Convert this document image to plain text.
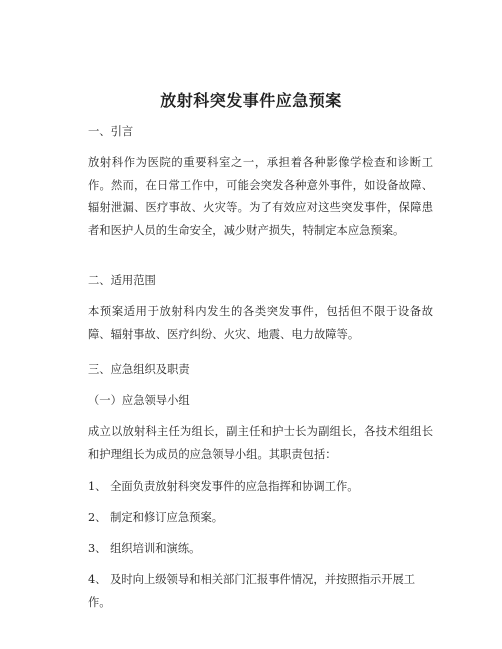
放射科突发事件应急预案
一、引言
放射科作为医院的重要科室之一，承担着各种影像学检查和诊断工作。然而，在日常工作中，可能会突发各种意外事件，如设备故障、辐射泄漏、医疗事故、火灾等。为了有效应对这些突发事件，保障患者和医护人员的生命安全，减少财产损失，特制定本应急预案。
二、适用范围
本预案适用于放射科内发生的各类突发事件，包括但不限于设备故障、辐射事故、医疗纠纷、火灾、地震、电力故障等。
三、应急组织及职责
（一）应急领导小组
成立以放射科主任为组长，副主任和护士长为副组长，各技术组组长和护理组长为成员的应急领导小组。其职责包括：
1、 全面负责放射科突发事件的应急指挥和协调工作。
2、 制定和修订应急预案。
3、 组织培训和演练。
4、 及时向上级领导和相关部门汇报事件情况，并按照指示开展工作。
